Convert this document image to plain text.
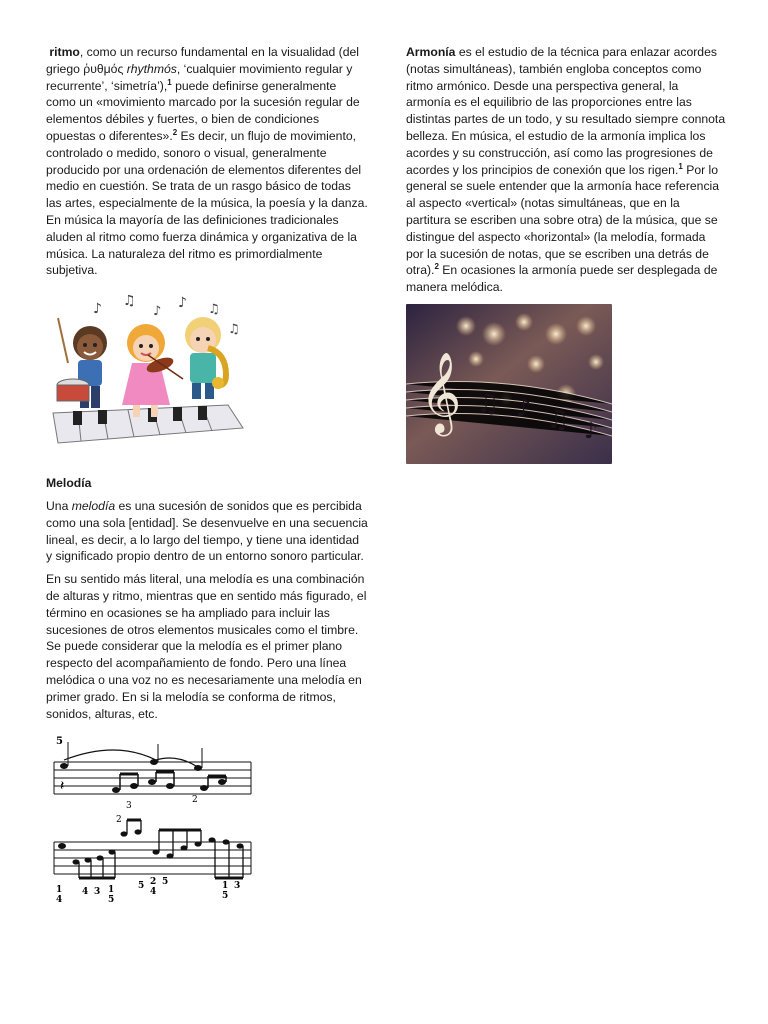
ritmo, como un recurso fundamental en la visualidad (del griego ῥυθμός rhythmós, ‘cualquier movimiento regular y recurrente’, ‘simetría’),$^1$ puede definirse generalmente como un «movimiento marcado por la sucesión regular de elementos débiles y fuertes, o bien de condiciones opuestas o diferentes».$^2$ Es decir, un flujo de movimiento, controlado o medido, sonoro o visual, generalmente producido por una ordenación de elementos diferentes del medio en cuestión. Se trata de un rasgo básico de todas las artes, especialmente de la música, la poesía y la danza. En música la mayoría de las definiciones tradicionales aluden al ritmo como fuerza dinámica y organizativa de la música. La naturaleza del ritmo es primordialmente subjetiva.

♪ ♫
♪
♪ ♫
♫

Melodía

Una melodía es una sucesión de sonidos que es percibida como una sola [entidad]. Se desenvuelve en una secuencia lineal, es decir, a lo largo del tiempo, y tiene una identidad y significado propio dentro de un entorno sonoro particular.

En su sentido más literal, una melodía es una combinación de alturas y ritmo, mientras que en sentido más figurado, el término en ocasiones se ha ampliado para incluir las sucesiones de otros elementos musicales como el timbre. Se puede considerar que la melodía es el primer plano respecto del acompañamiento de fondo. Pero una línea melódica o una voz no es necesariamente una melodía en primer grado. En si la melodía se conforma de ritmos, sonidos, alturas, etc.

5
𝄽
3
2
2
1
4
4 3 1
5
5 2
4
5	1
5
3

Armonía es el estudio de la técnica para enlazar acordes (notas simultáneas), también engloba conceptos como ritmo armónico. Desde una perspectiva general, la armonía es el equilibrio de las proporciones entre las distintas partes de un todo, y su resultado siempre connota belleza. En música, el estudio de la armonía implica los acordes y su construcción, así como las progresiones de acordes y los principios de conexión que los rigen.$^1$ Por lo general se suele entender que la armonía hace referencia al aspecto «vertical» (notas simultáneas, que en la partitura se escriben una sobre otra) de la música, que se distingue del aspecto «horizontal» (la melodía, formada por la sucesión de notas, que se escriben una detrás de otra).$^2$ En ocasiones la armonía puede ser desplegada de manera melódica.

𝄞 ♫ ♪ ♫ ♪
